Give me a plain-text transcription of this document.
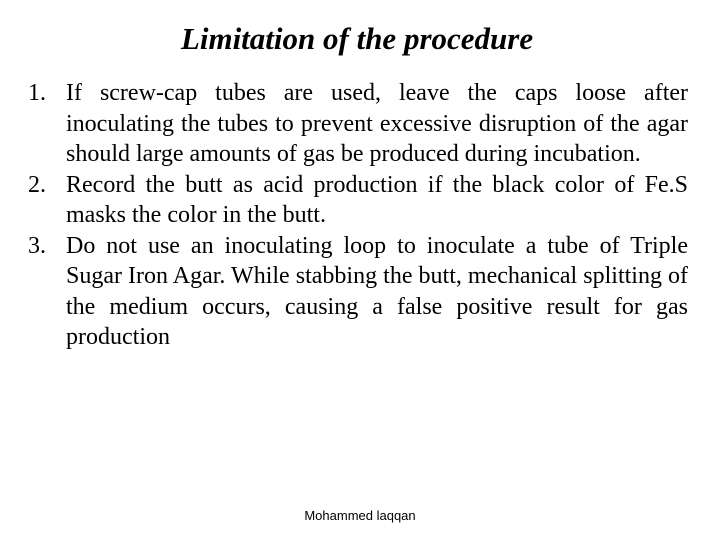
Limitation of the procedure
1. If screw-cap tubes are used, leave the caps loose after inoculating the tubes to prevent excessive disruption of the agar should large amounts of gas be produced during incubation.
2. Record the butt as acid production if the black color of Fe.S masks the color in the butt.
3. Do not use an inoculating loop to inoculate a tube of Triple Sugar Iron Agar. While stabbing the butt, mechanical splitting of the medium occurs, causing a false positive result for gas production
Mohammed laqqan
